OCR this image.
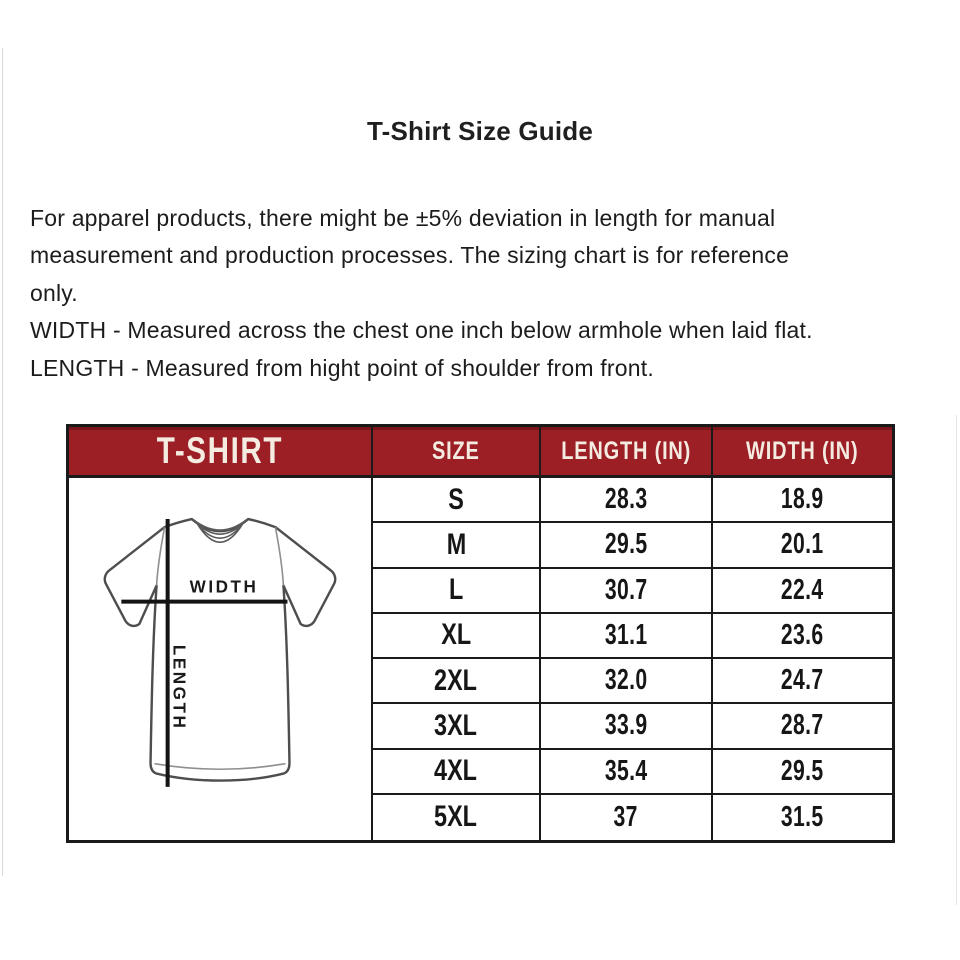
T-Shirt Size Guide
For apparel products, there might be ±5% deviation in length for manual
measurement and production processes. The sizing chart is for reference
only.
WIDTH - Measured across the chest one inch below armhole when laid flat.
LENGTH - Measured from hight point of shoulder from front.
T-SHIRT	SIZE	LENGTH (IN) WIDTH (IN)
WIDTH
LENGTH
S	28.3	18.9
M	29.5	20.1
L	30.7	22.4
XL	31.1	23.6
2XL	32.0	24.7
3XL	33.9	28.7
4XL	35.4	29.5
5XL	37	31.5
